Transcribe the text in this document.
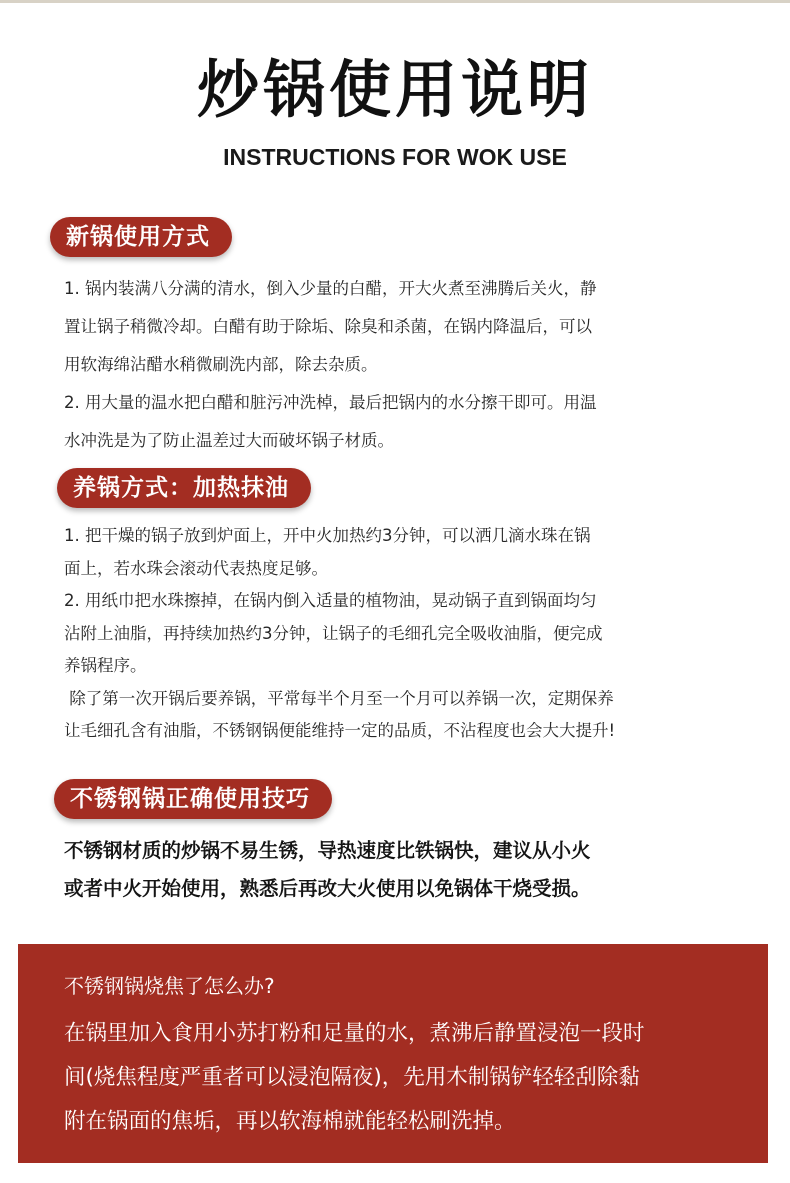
炒锅使用说明
INSTRUCTIONS FOR WOK USE
新锅使用方式
1. 锅内装满八分满的清水，倒入少量的白醋，开大火煮至沸腾后关火，静
置让锅子稍微冷却。白醋有助于除垢、除臭和杀菌，在锅内降温后，可以
用软海绵沾醋水稍微刷洗内部，除去杂质。
2. 用大量的温水把白醋和脏污冲洗棹，最后把锅内的水分擦干即可。用温
水冲洗是为了防止温差过大而破坏锅子材质。
养锅方式：加热抹油
1. 把干燥的锅子放到炉面上，开中火加热约3分钟，可以洒几滴水珠在锅
面上，若水珠会滚动代表热度足够。
2. 用纸巾把水珠擦掉，在锅内倒入适量的植物油，晃动锅子直到锅面均匀
沾附上油脂，再持续加热约3分钟，让锅子的毛细孔完全吸收油脂，便完成
养锅程序。
除了第一次开锅后要养锅，平常每半个月至一个月可以养锅一次，定期保养
让毛细孔含有油脂，不锈钢锅便能维持一定的品质，不沾程度也会大大提升!
不锈钢锅正确使用技巧
不锈钢材质的炒锅不易生锈，导热速度比铁锅快，建议从小火
或者中火开始使用，熟悉后再改大火使用以免锅体干烧受损。
不锈钢锅烧焦了怎么办?
在锅里加入食用小苏打粉和足量的水，煮沸后静置浸泡一段时
间(烧焦程度严重者可以浸泡隔夜)，先用木制锅铲轻轻刮除黏
附在锅面的焦垢，再以软海棉就能轻松刷洗掉。
